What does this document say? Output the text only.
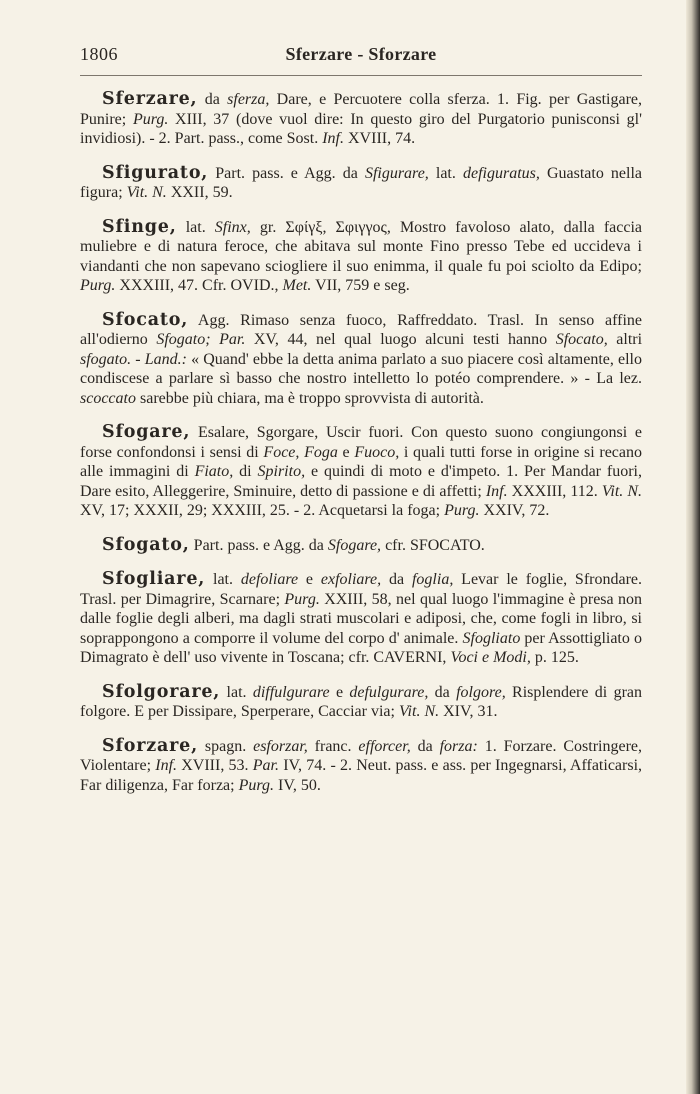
1806	Sferzare - Sforzare

Sferzare, da sferza, Dare, e Percuotere colla sferza. 1. Fig. per Gastigare, Punire; Purg. XIII, 37 (dove vuol dire: In questo giro del Purgatorio punisconsi gl' invidiosi). - 2. Part. pass., come Sost. Inf. XVIII, 74.

Sfigurato, Part. pass. e Agg. da Sfigurare, lat. defiguratus, Guastato nella figura; Vit. N. XXII, 59.

Sfinge, lat. Sfinx, gr. Σφίγξ, Σφιγγος, Mostro favoloso alato, dalla faccia muliebre e di natura feroce, che abitava sul monte Fino presso Tebe ed uccideva i viandanti che non sapevano sciogliere il suo enimma, il quale fu poi sciolto da Edipo; Purg. XXXIII, 47. Cfr. OVID., Met. VII, 759 e seg.

Sfocato, Agg. Rimaso senza fuoco, Raffreddato. Trasl. In senso affine all'odierno Sfogato; Par. XV, 44, nel qual luogo alcuni testi hanno Sfocato, altri sfogato. - Land.: « Quand' ebbe la detta anima parlato a suo piacere così altamente, ello condiscese a parlare sì basso che nostro intelletto lo potéo comprendere. » - La lez. scoccato sarebbe più chiara, ma è troppo sprovvista di autorità.

Sfogare, Esalare, Sgorgare, Uscir fuori. Con questo suono congiungonsi e forse confondonsi i sensi di Foce, Foga e Fuoco, i quali tutti forse in origine si recano alle immagini di Fiato, di Spirito, e quindi di moto e d'impeto. 1. Per Mandar fuori, Dare esito, Alleggerire, Sminuire, detto di passione e di affetti; Inf. XXXIII, 112. Vit. N. XV, 17; XXXII, 29; XXXIII, 25. - 2. Acquetarsi la foga; Purg. XXIV, 72.

Sfogato, Part. pass. e Agg. da Sfogare, cfr. SFOCATO.

Sfogliare, lat. defoliare e exfoliare, da foglia, Levar le foglie, Sfrondare. Trasl. per Dimagrire, Scarnare; Purg. XXIII, 58, nel qual luogo l'immagine è presa non dalle foglie degli alberi, ma dagli strati muscolari e adiposi, che, come fogli in libro, si soprappongono a comporre il volume del corpo d' animale. Sfogliato per Assottigliato o Dimagrato è dell' uso vivente in Toscana; cfr. CAVERNI, Voci e Modi, p. 125.

Sfolgorare, lat. diffulgurare e defulgurare, da folgore, Risplendere di gran folgore. E per Dissipare, Sperperare, Cacciar via; Vit. N. XIV, 31.

Sforzare, spagn. esforzar, franc. efforcer, da forza: 1. Forzare. Costringere, Violentare; Inf. XVIII, 53. Par. IV, 74. - 2. Neut. pass. e ass. per Ingegnarsi, Affaticarsi, Far diligenza, Far forza; Purg. IV, 50.
